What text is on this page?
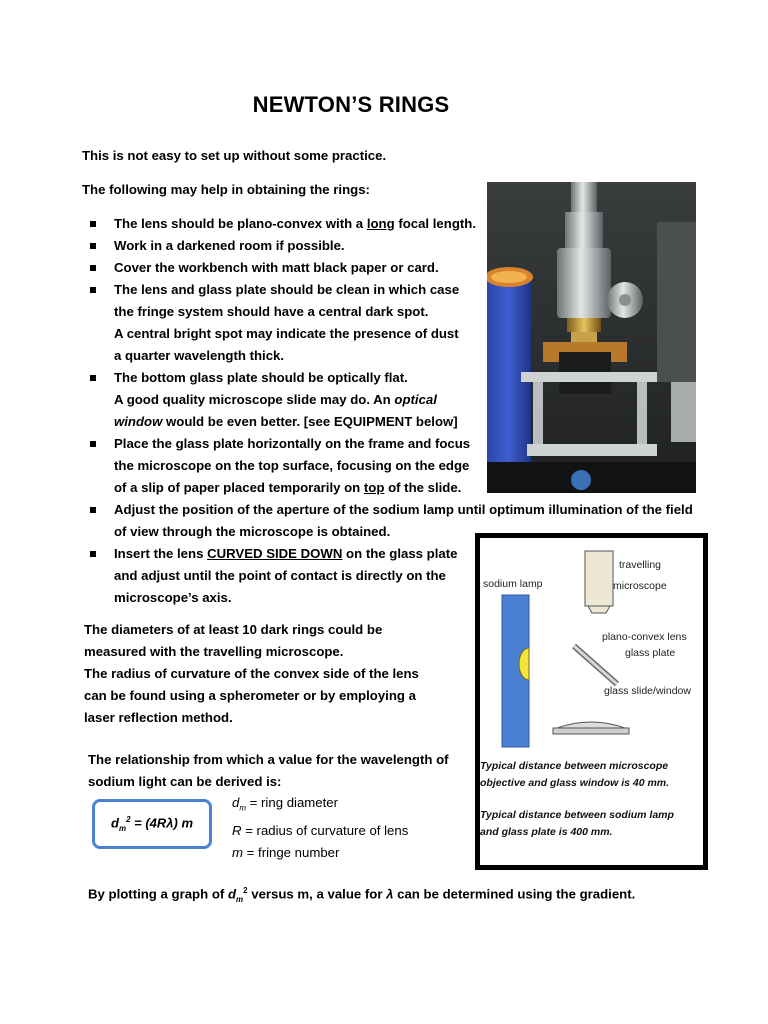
NEWTON’S RINGS
This is not easy to set up without some practice.
The following may help in obtaining the rings:
The lens should be plano-convex with a long focal length.
Work in a darkened room if possible.
Cover the workbench with matt black paper or card.
The lens and glass plate should be clean in which case
the fringe system should have a central dark spot.
A central bright spot may indicate the presence of dust
a quarter wavelength thick.
The bottom glass plate should be optically flat.
A good quality microscope slide may do. An optical
window would be even better. [see EQUIPMENT below]
Place the glass plate horizontally on the frame and focus
the microscope on the top surface, focusing on the edge
of a slip of paper placed temporarily on top of the slide.
Adjust the position of the aperture of the sodium lamp until optimum illumination of the field
of view through the microscope is obtained.
Insert the lens CURVED SIDE DOWN on the glass plate
and adjust until the point of contact is directly on the
microscope’s axis.
The diameters of at least 10 dark rings could be
measured with the travelling microscope.
The radius of curvature of the convex side of the lens
can be found using a spherometer or by employing a
laser reflection method.
The relationship from which a value for the wavelength of
sodium light can be derived is:
$d_m^2 = (4R\lambda)$ m
$d_m$ = ring diameter
R = radius of curvature of lens
m = fringe number
sodium lamp
travelling
microscope
plano-convex lens
glass plate
glass slide/window
Typical distance between microscope
objective and glass window is 40 mm.
Typical distance between sodium lamp
and glass plate is 400 mm.
By plotting a graph of $d_m^2$ versus m, a value for λ can be determined using the gradient.
